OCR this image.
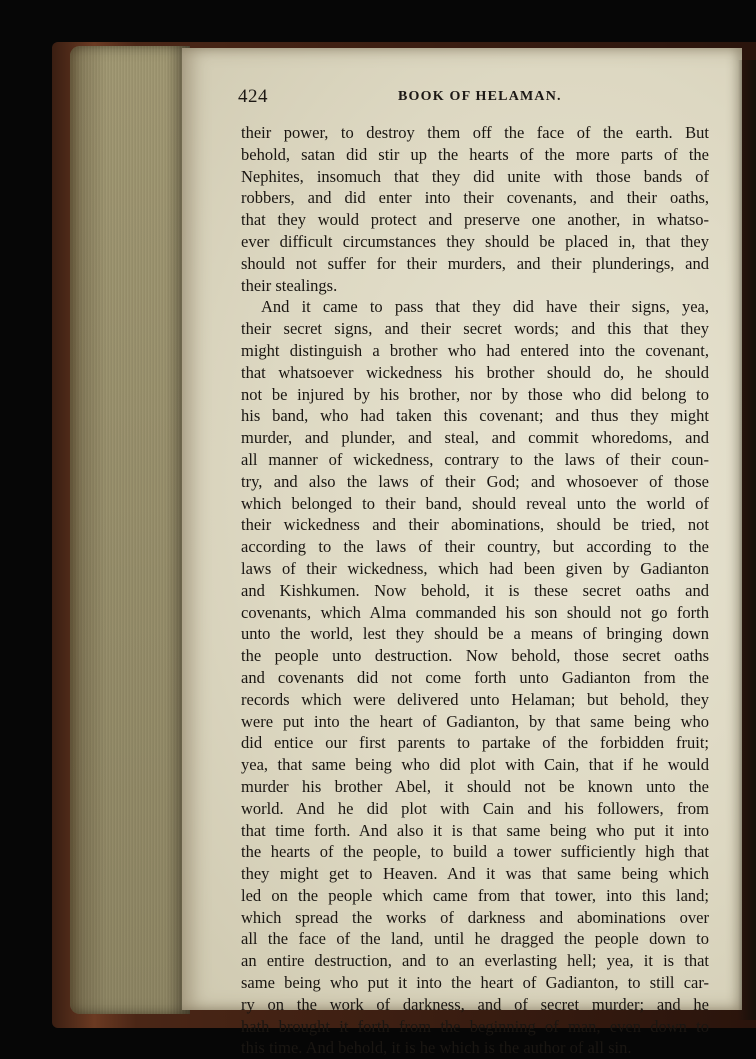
424	BOOK OF HELAMAN.
their power, to destroy them off the face of the earth. But
behold, satan did stir up the hearts of the more parts of the
Nephites, insomuch that they did unite with those bands of
robbers, and did enter into their covenants, and their oaths,
that they would protect and preserve one another, in whatso-
ever difficult circumstances they should be placed in, that they
should not suffer for their murders, and their plunderings, and
their stealings.
And it came to pass that they did have their signs, yea,
their secret signs, and their secret words; and this that they
might distinguish a brother who had entered into the covenant,
that whatsoever wickedness his brother should do, he should
not be injured by his brother, nor by those who did belong to
his band, who had taken this covenant; and thus they might
murder, and plunder, and steal, and commit whoredoms, and
all manner of wickedness, contrary to the laws of their coun-
try, and also the laws of their God; and whosoever of those
which belonged to their band, should reveal unto the world of
their wickedness and their abominations, should be tried, not
according to the laws of their country, but according to the
laws of their wickedness, which had been given by Gadianton
and Kishkumen. Now behold, it is these secret oaths and
covenants, which Alma commanded his son should not go forth
unto the world, lest they should be a means of bringing down
the people unto destruction. Now behold, those secret oaths
and covenants did not come forth unto Gadianton from the
records which were delivered unto Helaman; but behold, they
were put into the heart of Gadianton, by that same being who
did entice our first parents to partake of the forbidden fruit;
yea, that same being who did plot with Cain, that if he would
murder his brother Abel, it should not be known unto the
world. And he did plot with Cain and his followers, from
that time forth. And also it is that same being who put it into
the hearts of the people, to build a tower sufficiently high that
they might get to Heaven. And it was that same being which
led on the people which came from that tower, into this land;
which spread the works of darkness and abominations over
all the face of the land, until he dragged the people down to
an entire destruction, and to an everlasting hell; yea, it is that
same being who put it into the heart of Gadianton, to still car-
ry on the work of darkness, and of secret murder; and he
hath brought it forth from the beginning of man, even down to
this time. And behold, it is he which is the author of all sin.
